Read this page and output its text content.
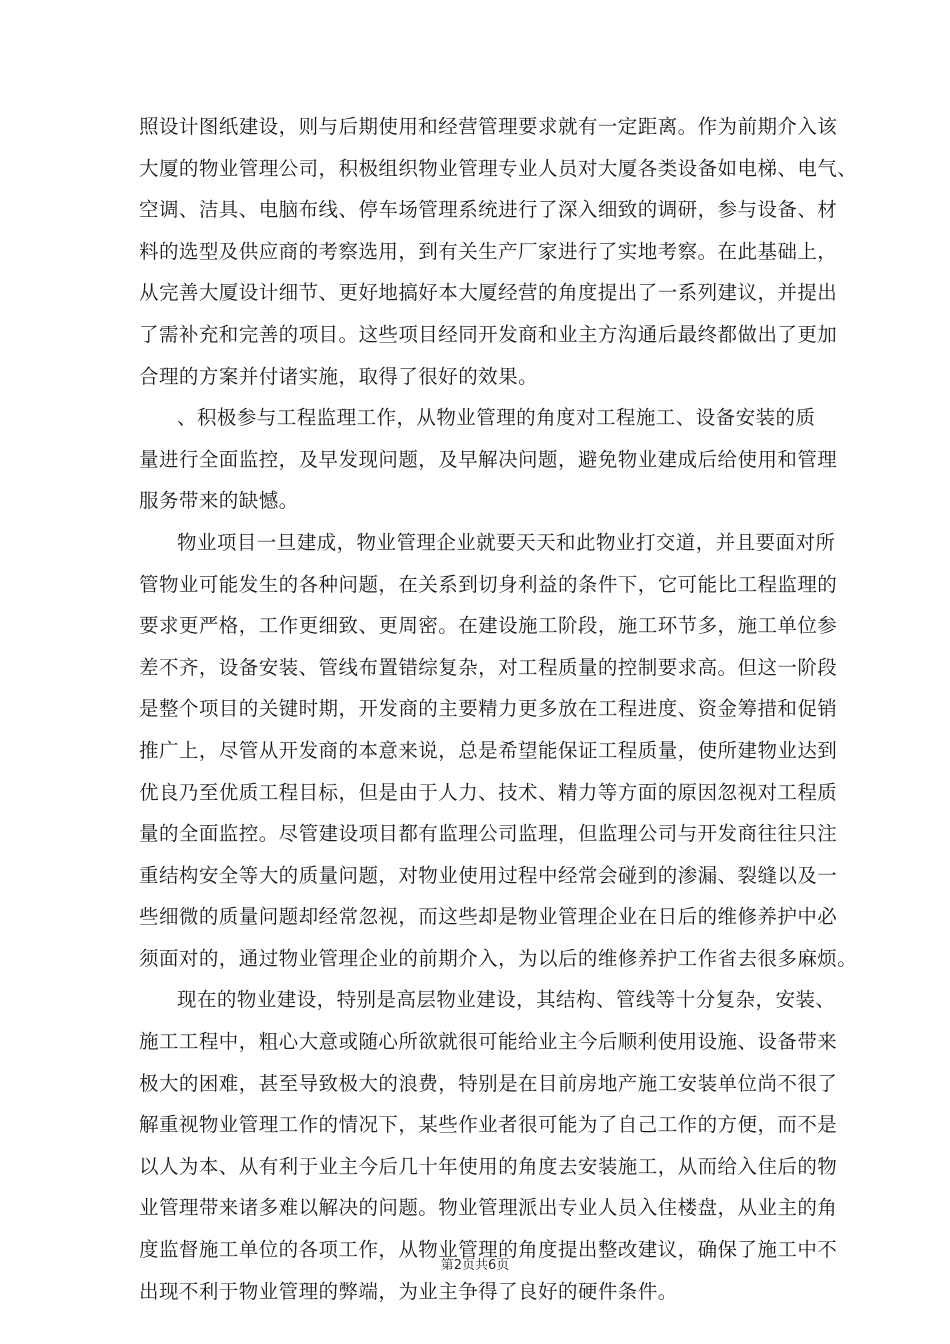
照设计图纸建设，则与后期使用和经营管理要求就有一定距离。作为前期介入该
大厦的物业管理公司，积极组织物业管理专业人员对大厦各类设备如电梯、电气、
空调、洁具、电脑布线、停车场管理系统进行了深入细致的调研，参与设备、材
料的选型及供应商的考察选用，到有关生产厂家进行了实地考察。在此基础上，
从完善大厦设计细节、更好地搞好本大厦经营的角度提出了一系列建议，并提出
了需补充和完善的项目。这些项目经同开发商和业主方沟通后最终都做出了更加
合理的方案并付诸实施，取得了很好的效果。

、积极参与工程监理工作，从物业管理的角度对工程施工、设备安装的质
量进行全面监控，及早发现问题，及早解决问题，避免物业建成后给使用和管理
服务带来的缺憾。

物业项目一旦建成，物业管理企业就要天天和此物业打交道，并且要面对所
管物业可能发生的各种问题，在关系到切身利益的条件下，它可能比工程监理的
要求更严格，工作更细致、更周密。在建设施工阶段，施工环节多，施工单位参
差不齐，设备安装、管线布置错综复杂，对工程质量的控制要求高。但这一阶段
是整个项目的关键时期，开发商的主要精力更多放在工程进度、资金筹措和促销
推广上，尽管从开发商的本意来说，总是希望能保证工程质量，使所建物业达到
优良乃至优质工程目标，但是由于人力、技术、精力等方面的原因忽视对工程质
量的全面监控。尽管建设项目都有监理公司监理，但监理公司与开发商往往只注
重结构安全等大的质量问题，对物业使用过程中经常会碰到的渗漏、裂缝以及一
些细微的质量问题却经常忽视，而这些却是物业管理企业在日后的维修养护中必
须面对的，通过物业管理企业的前期介入，为以后的维修养护工作省去很多麻烦。

现在的物业建设，特别是高层物业建设，其结构、管线等十分复杂，安装、
施工工程中，粗心大意或随心所欲就很可能给业主今后顺利使用设施、设备带来
极大的困难，甚至导致极大的浪费，特别是在目前房地产施工安装单位尚不很了
解重视物业管理工作的情况下，某些作业者很可能为了自己工作的方便，而不是
以人为本、从有利于业主今后几十年使用的角度去安装施工，从而给入住后的物
业管理带来诸多难以解决的问题。物业管理派出专业人员入住楼盘，从业主的角
度监督施工单位的各项工作，从物业管理的角度提出整改建议，确保了施工中不
出现不利于物业管理的弊端，为业主争得了良好的硬件条件。

第2页共6页
